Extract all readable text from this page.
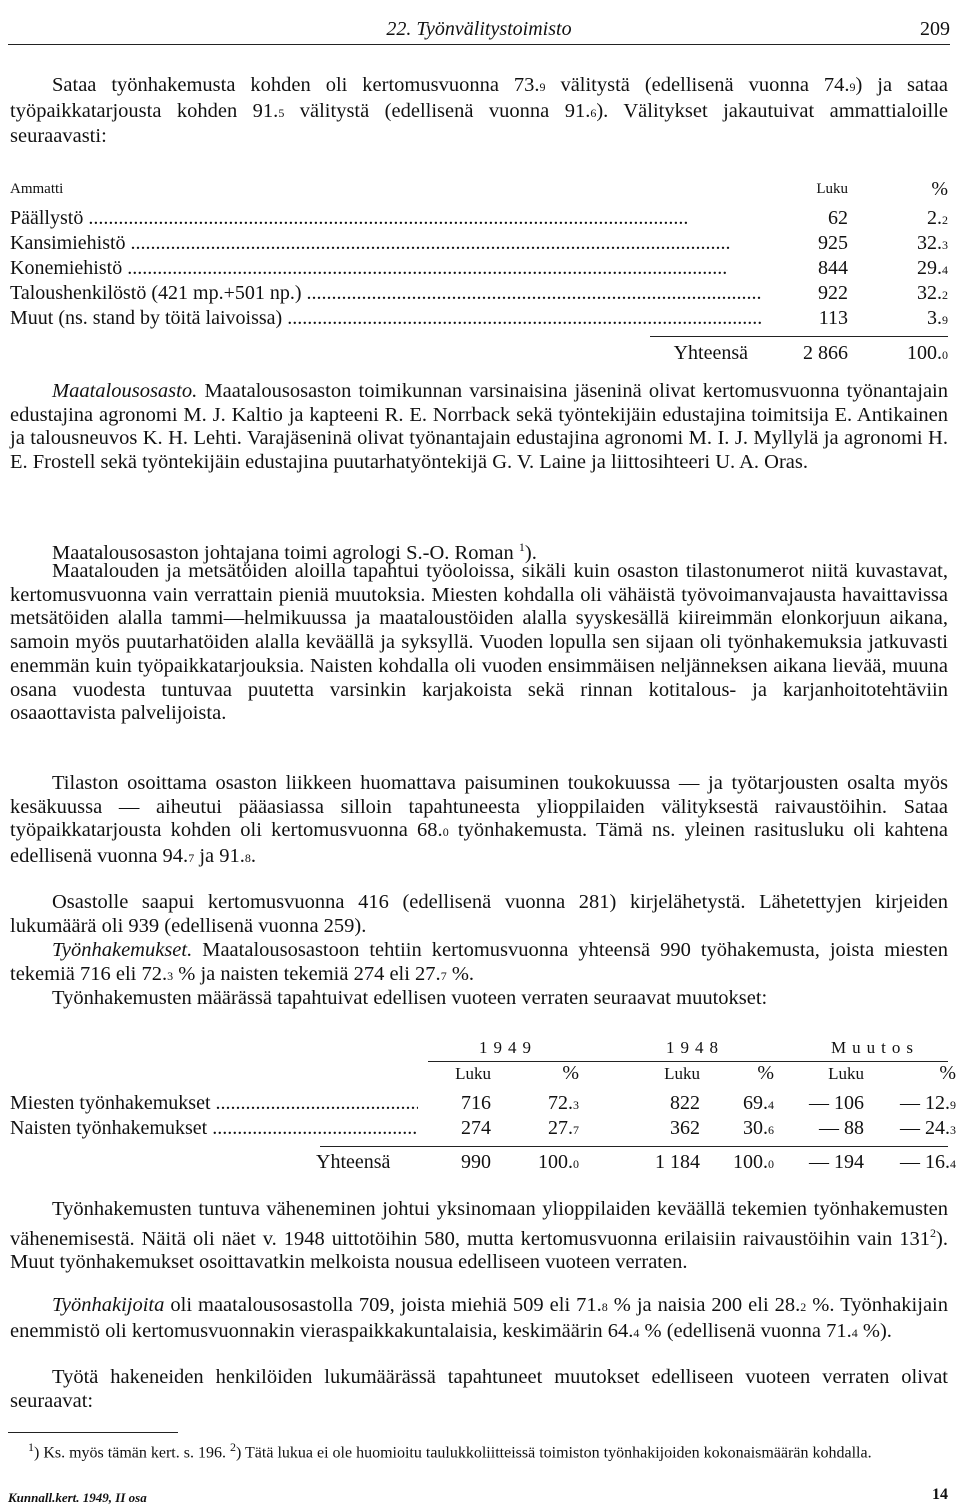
22. Työnvälitystoimisto	209

Sataa työnhakemusta kohden oli kertomusvuonna 73.9 välitystä (edellisenä vuonna 74.9) ja sataa työpaikkatarjousta kohden 91.5 välitystä (edellisenä vuonna 91.6). Välitykset jakautuivat ammattialoille seuraavasti:

Ammatti	Luku	%
Päällystö .....	62	2.2
Kansimiehistö .....	925	32.3
Konemiehistö .....	844	29.4
Taloushenkilöstö (421 mp.+501 np.) .....	922	32.2
Muut (ns. stand by töitä laivoissa) .....	113	3.9
Yhteensä	2 866	100.0

Maatalousosasto. Maatalousosaston toimikunnan varsinaisina jäseninä olivat kertomusvuonna työnantajain edustajina agronomi M. J. Kaltio ja kapteeni R. E. Norrback sekä työntekijäin edustajina toimitsija E. Antikainen ja talousneuvos K. H. Lehti. Varajäseninä olivat työnantajain edustajina agronomi M. I. J. Myllylä ja agronomi H. E. Frostell sekä työntekijäin edustajina puutarhatyöntekijä G. V. Laine ja liittosihteeri U. A. Oras.

Maatalousosaston johtajana toimi agrologi S.-O. Roman $^1$).

Maatalouden ja metsätöiden aloilla tapahtui työoloissa, sikäli kuin osaston tilastonumerot niitä kuvastavat, kertomusvuonna vain verrattain pieniä muutoksia. Miesten kohdalla oli vähäistä työvoimanvajausta havaittavissa metsätöiden alalla tammi—helmikuussa ja maataloustöiden alalla syyskesällä kiireimmän elonkorjuun aikana, samoin myös puutarhatöiden alalla keväällä ja syksyllä. Vuoden lopulla sen sijaan oli työnhakemuksia jatkuvasti enemmän kuin työpaikkatarjouksia. Naisten kohdalla oli vuoden ensimmäisen neljänneksen aikana lievää, muuna osana vuodesta tuntuvaa puutetta varsinkin karjakoista sekä rinnan kotitalous- ja karjanhoitotehtäviin osaaottavista palvelijoista.

Tilaston osoittama osaston liikkeen huomattava paisuminen toukokuussa — ja työtarjousten osalta myös kesäkuussa — aiheutui pääasiassa silloin tapahtuneesta ylioppilaiden välityksestä raivaustöihin. Sataa työpaikkatarjousta kohden oli kertomusvuonna 68.0 työnhakemusta. Tämä ns. yleinen rasitusluku oli kahtena edellisenä vuonna 94.7 ja 91.8.

Osastolle saapui kertomusvuonna 416 (edellisenä vuonna 281) kirjelähetystä. Lähetettyjen kirjeiden lukumäärä oli 939 (edellisenä vuonna 259).

Työnhakemukset. Maatalousosastoon tehtiin kertomusvuonna yhteensä 990 työhakemusta, joista miesten tekemiä 716 eli 72.3 % ja naisten tekemiä 274 eli 27.7 %.

Työnhakemusten määrässä tapahtuivat edellisen vuoteen verraten seuraavat muutokset:

1949	1948	Muutos
Luku	%	Luku	%	Luku	%
Miesten työnhakemukset .....	716	72.3	822	69.4	— 106	— 12.9
Naisten työnhakemukset .....	274	27.7	362	30.6	— 88	— 24.3
Yhteensä	990	100.0	1 184	100.0	— 194	— 16.4

Työnhakemusten tuntuva väheneminen johtui yksinomaan ylioppilaiden keväällä tekemien työnhakemusten vähenemisestä. Näitä oli näet v. 1948 uittotöihin 580, mutta kertomusvuonna erilaisiin raivaustöihin vain $131^2$). Muut työnhakemukset osoittavatkin melkoista nousua edelliseen vuoteen verraten.

Työnhakijoita oli maatalousosastolla 709, joista miehiä 509 eli 71.8 % ja naisia 200 eli 28.2 %. Työnhakijain enemmistö oli kertomusvuonnakin vieraspaikkakuntalaisia, keskimäärin 64.4 % (edellisenä vuonna 71.4 %).

Työtä hakeneiden henkilöiden lukumäärässä tapahtuneet muutokset edelliseen vuoteen verraten olivat seuraavat:

$^1$) Ks. myös tämän kert. s. 196. $^2$) Tätä lukua ei ole huomioitu taulukkoliitteissä toimiston työnhakijoiden kokonaismäärän kohdalla.

Kunnall.kert. 1949, II osa	14
